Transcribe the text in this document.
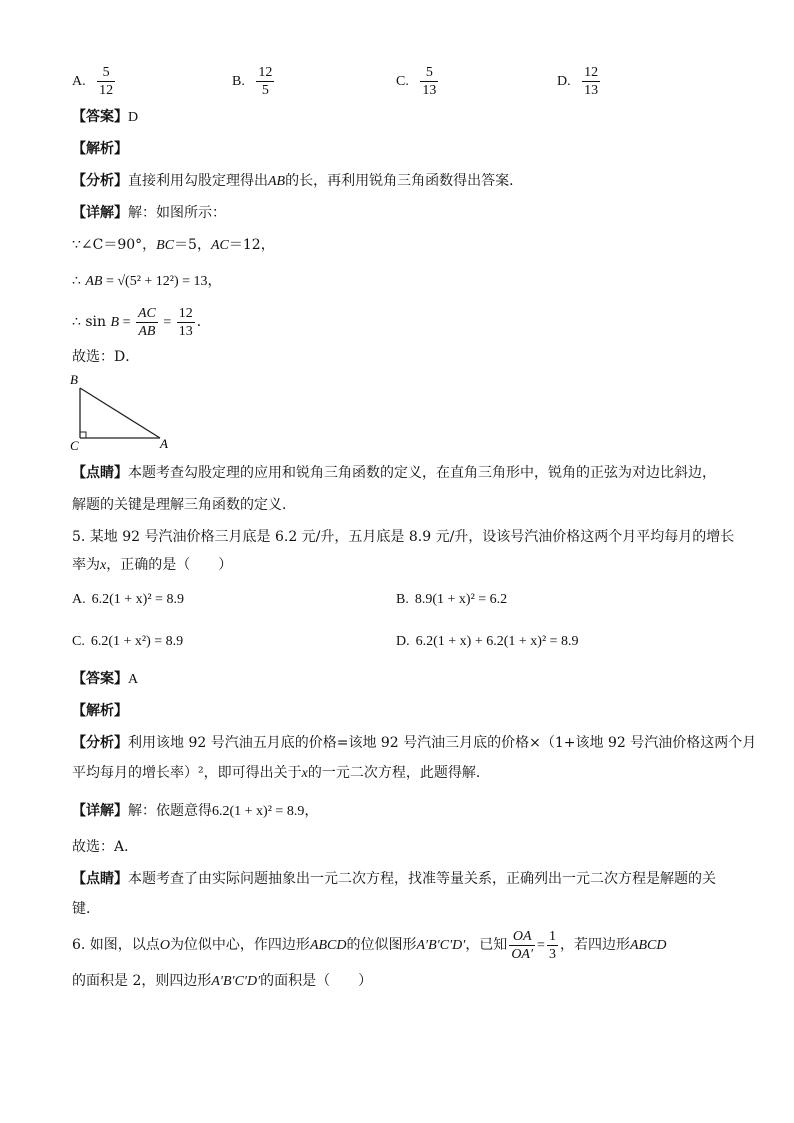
A. $\frac{5}{12}$	B. $\frac{12}{5}$	C. $\frac{5}{13}$	D. $\frac{12}{13}$
【答案】D
【解析】
【分析】直接利用勾股定理得出AB的长，再利用锐角三角函数得出答案．
【详解】解：如图所示：
∵∠C＝90°，BC＝5，AC＝12，
∴ AB = √(5² + 12²) = 13，
∴ $\sin B = \frac{AC}{AB} = \frac{12}{13}$ ．
故选：D．
B
C	A
【点睛】本题考查勾股定理的应用和锐角三角函数的定义，在直角三角形中，锐角的正弦为对边比斜边，
解题的关键是理解三角函数的定义．
5. 某地 92 号汽油价格三月底是 6.2 元/升，五月底是 8.9 元/升，设该号汽油价格这两个月平均每月的增长
率为x，正确的是（　　）
A. 6.2(1 + x)² = 8.9	B. 8.9(1 + x)² = 6.2
C. 6.2(1 + x²) = 8.9	D. 6.2(1 + x) + 6.2(1 + x)² = 8.9
【答案】A
【解析】
【分析】利用该地 92 号汽油五月底的价格=该地 92 号汽油三月底的价格×（1+该地 92 号汽油价格这两个月
平均每月的增长率）²，即可得出关于x的一元二次方程，此题得解．
【详解】解：依题意得6.2(1 + x)² = 8.9，
故选：A．
【点睛】本题考查了由实际问题抽象出一元二次方程，找准等量关系，正确列出一元二次方程是解题的关
键．
6. 如图，以点O为位似中心，作四边形ABCD的位似图形A′B′C′D′，已知 $\frac{OA}{OA'} = \frac{1}{3}$ ，若四边形ABCD
的面积是 2，则四边形A′B′C′D′的面积是（　　）
